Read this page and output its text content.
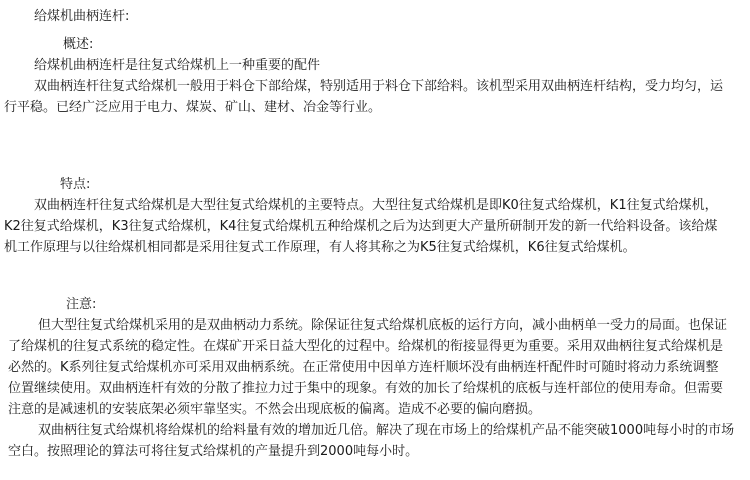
给煤机曲柄连杆:
概述:
给煤机曲柄连杆是往复式给煤机上一种重要的配件
双曲柄连杆往复式给煤机一般用于料仓下部给煤，特别适用于料仓下部给料。该机型采用双曲柄连杆结构，受力均匀，运
行平稳。已经广泛应用于电力、煤炭、矿山、建材、冶金等行业。
特点:
双曲柄连杆往复式给煤机是大型往复式给煤机的主要特点。大型往复式给煤机是即K0往复式给煤机，K1往复式给煤机，
K2往复式给煤机，K3往复式给煤机，K4往复式给煤机五种给煤机之后为达到更大产量所研制开发的新一代给料设备。该给煤
机工作原理与以往给煤机相同都是采用往复式工作原理，有人将其称之为K5往复式给煤机，K6往复式给煤机。
注意:
但大型往复式给煤机采用的是双曲柄动力系统。除保证往复式给煤机底板的运行方向，减小曲柄单一受力的局面。也保证
了给煤机的往复式系统的稳定性。在煤矿开采日益大型化的过程中。给煤机的衔接显得更为重要。采用双曲柄往复式给煤机是
必然的。K系列往复式给煤机亦可采用双曲柄系统。在正常使用中因单方连杆顺坏没有曲柄连杆配件时可随时将动力系统调整
位置继续使用。双曲柄连杆有效的分散了推拉力过于集中的现象。有效的加长了给煤机的底板与连杆部位的使用寿命。但需要
注意的是减速机的安装底架必须牢靠坚实。不然会出现底板的偏离。造成不必要的偏向磨损。
双曲柄往复式给煤机将给煤机的给料量有效的增加近几倍。解决了现在市场上的给煤机产品不能突破1000吨每小时的市场
空白。按照理论的算法可将往复式给煤机的产量提升到2000吨每小时。
